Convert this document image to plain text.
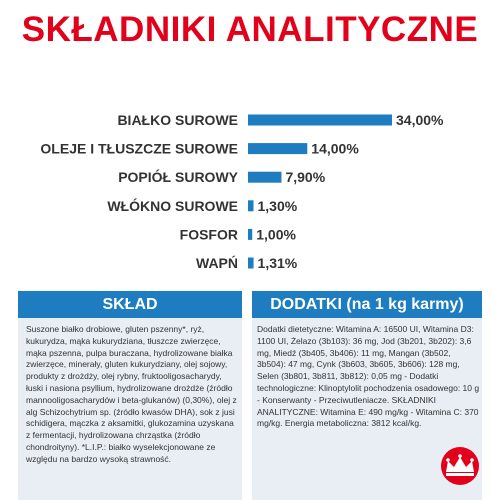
SKŁADNIKI ANALITYCZNE
BIAŁKO SUROWE	34,00%
OLEJE I TŁUSZCZE SUROWE	14,00%
POPIÓŁ SUROWY	7,90%
WŁÓKNO SUROWE 1,30%
FOSFOR 1,00%
WAPŃ 1,31%
SKŁAD	DODATKI (na 1 kg karmy)

Suszone białko drobiowe, gluten pszenny*, ryż, kukurydza, mąka kukurydziana, tłuszcze zwierzęce, mąka pszenna, pulpa buraczana, hydrolizowane białka zwierzęce, minerały, gluten kukurydziany, olej sojowy, produkty z drożdży, olej rybny, fruktooligosacharydy, łuski i nasiona psyllium, hydrolizowane drożdże (źródło mannooligosacharydów i beta-glukanów) (0,30%), olej z alg Schizochytrium sp. (źródło kwasów DHA), sok z jusi schidigera, mączka z aksamitki, glukozamina uzyskana z fermentacji, hydrolizowana chrząstka (źródło chondroityny). *L.I.P.: białko wyselekcjonowane ze względu na bardzo wysoką strawność.

Dodatki dietetyczne: Witamina A: 16500 UI, Witamina D3: 1100 UI, Żelazo (3b103): 36 mg, Jod (3b201, 3b202): 3,6 mg, Miedź (3b405, 3b406): 11 mg, Mangan (3b502, 3b504): 47 mg, Cynk (3b603, 3b605, 3b606): 128 mg, Selen (3b801, 3b811, 3b812): 0,05 mg - Dodatki technologiczne: Klinoptylolit pochodzenia osadowego: 10 g - Konserwanty - Przeciwutleniacze. SKŁADNIKI ANALITYCZNE: Witamina E: 490 mg/kg - Witamina C: 370 mg/kg. Energia metaboliczna: 3812 kcal/kg.
